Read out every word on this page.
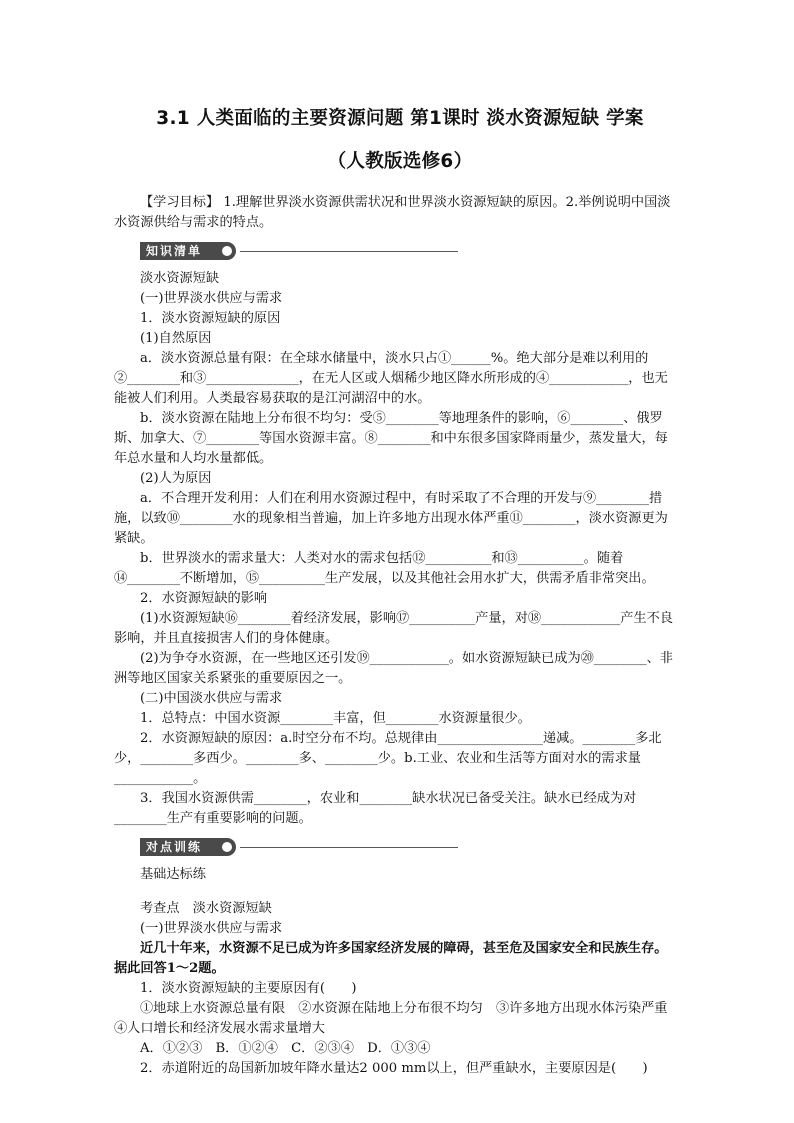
3.1 人类面临的主要资源问题 第1课时 淡水资源短缺 学案
（人教版选修6）

【学习目标】 1.理解世界淡水资源供需状况和世界淡水资源短缺的原因。2.举例说明中国淡水资源供给与需求的特点。

知识清单

淡水资源短缺

(一)世界淡水供应与需求

1．淡水资源短缺的原因

(1)自然原因

a．淡水资源总量有限：在全球水储量中，淡水只占①______%。绝大部分是难以利用的②________和③______________，在无人区或人烟稀少地区降水所形成的④____________，也无能被人们利用。人类最容易获取的是江河湖沼中的水。

b．淡水资源在陆地上分布很不均匀：受⑤________等地理条件的影响，⑥________、俄罗斯、加拿大、⑦________等国水资源丰富。⑧________和中东很多国家降雨量少，蒸发量大，每年总水量和人均水量都低。

(2)人为原因

a．不合理开发利用：人们在利用水资源过程中，有时采取了不合理的开发与⑨________措施，以致⑩________水的现象相当普遍，加上许多地方出现水体严重⑪________，淡水资源更为紧缺。

b．世界淡水的需求量大：人类对水的需求包括⑫__________和⑬__________。随着⑭________不断增加，⑮__________生产发展，以及其他社会用水扩大，供需矛盾非常突出。

2．水资源短缺的影响

(1)水资源短缺⑯________着经济发展，影响⑰__________产量，对⑱____________产生不良影响，并且直接损害人们的身体健康。

(2)为争夺水资源，在一些地区还引发⑲____________。如水资源短缺已成为⑳________、非洲等地区国家关系紧张的重要原因之一。

(二)中国淡水供应与需求

1．总特点：中国水资源________丰富，但________水资源量很少。

2．水资源短缺的原因：a.时空分布不均。总规律由________________递减。________多北少，________多西少。________多、________少。b.工业、农业和生活等方面对水的需求量____________。

3．我国水资源供需________，农业和________缺水状况已备受关注。缺水已经成为对________生产有重要影响的问题。

对点训练

基础达标练

考查点　淡水资源短缺

(一)世界淡水供应与需求

近几十年来，水资源不足已成为许多国家经济发展的障碍，甚至危及国家安全和民族生存。据此回答1～2题。

1．淡水资源短缺的主要原因有(　　)

①地球上水资源总量有限　②水资源在陆地上分布很不均匀　③许多地方出现水体污染严重　④人口增长和经济发展水需求量增大

A．①②③　B．①②④　C．②③④　D．①③④

2．赤道附近的岛国新加坡年降水量达2 000 mm以上，但严重缺水，主要原因是(　　)
